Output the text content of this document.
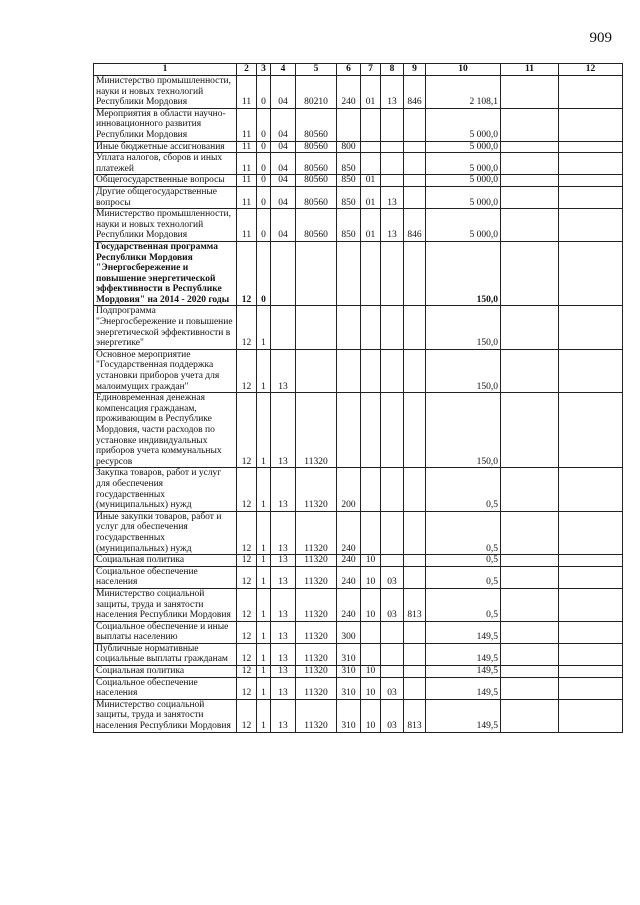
909
1	2	3	4	5	6	7	8	9	10	11	12
Министерство промышленности, науки и новых технологий Республики Мордовия	11	0	04	80210	240	01	13	846	2 108,1		
Мероприятия в области научно-инновационного развития Республики Мордовия	11	0	04	80560					5 000,0		
Иные бюджетные ассигнования	11	0	04	80560	800				5 000,0		
Уплата налогов, сборов и иных платежей	11	0	04	80560	850				5 000,0		
Общегосударственные вопросы	11	0	04	80560	850	01			5 000,0		
Другие общегосударственные вопросы	11	0	04	80560	850	01	13		5 000,0		
Министерство промышленности, науки и новых технологий Республики Мордовия	11	0	04	80560	850	01	13	846	5 000,0		
Государственная программа Республики Мордовия "Энергосбережение и повышение энергетической эффективности в Республике Мордовия" на 2014 - 2020 годы	12	0							150,0		
Подпрограмма "Энергосбережение и повышение энергетической эффективности в энергетике"	12	1							150,0		
Основное мероприятие "Государственная поддержка установки приборов учета для малоимущих граждан"	12	1	13						150,0		
Единовременная денежная компенсация гражданам, проживающим в Республике Мордовия, части расходов по установке индивидуальных приборов учета коммунальных ресурсов	12	1	13	11320					150,0		
Закупка товаров, работ и услуг для обеспечения государственных (муниципальных) нужд	12	1	13	11320	200				0,5		
Иные закупки товаров, работ и услуг для обеспечения государственных (муниципальных) нужд	12	1	13	11320	240				0,5		
Социальная политика	12	1	13	11320	240	10			0,5		
Социальное обеспечение населения	12	1	13	11320	240	10	03		0,5		
Министерство социальной защиты, труда и занятости населения Республики Мордовия	12	1	13	11320	240	10	03	813	0,5		
Социальное обеспечение и иные выплаты населению	12	1	13	11320	300				149,5		
Публичные нормативные социальные выплаты гражданам	12	1	13	11320	310				149,5		
Социальная политика	12	1	13	11320	310	10			149,5		
Социальное обеспечение населения	12	1	13	11320	310	10	03		149,5		
Министерство социальной защиты, труда и занятости населения Республики Мордовия	12	1	13	11320	310	10	03	813	149,5		
